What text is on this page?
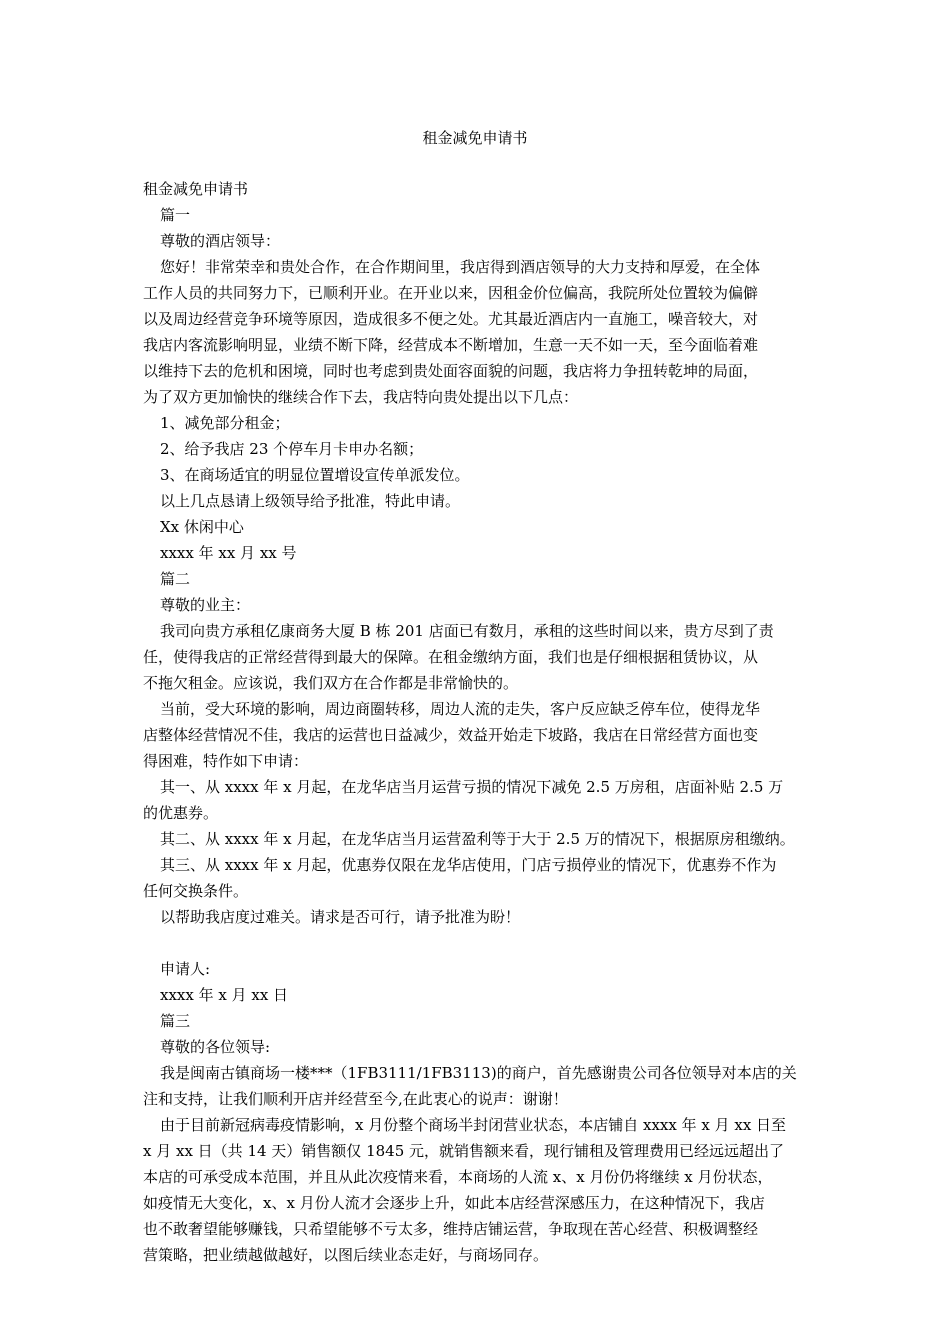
租金减免申请书
租金减免申请书
篇一
尊敬的酒店领导：
您好！非常荣幸和贵处合作，在合作期间里，我店得到酒店领导的大力支持和厚爱，在全体
工作人员的共同努力下，已顺利开业。在开业以来，因租金价位偏高，我院所处位置较为偏僻
以及周边经营竞争环境等原因，造成很多不便之处。尤其最近酒店内一直施工，噪音较大，对
我店内客流影响明显，业绩不断下降，经营成本不断增加，生意一天不如一天，至今面临着难
以维持下去的危机和困境，同时也考虑到贵处面容面貌的问题，我店将力争扭转乾坤的局面，
为了双方更加愉快的继续合作下去，我店特向贵处提出以下几点：
1、减免部分租金；
2、给予我店 23 个停车月卡申办名额；
3、在商场适宜的明显位置增设宣传单派发位。
以上几点恳请上级领导给予批准，特此申请。
Xx 休闲中心
xxxx 年 xx 月 xx 号
篇二
尊敬的业主：
我司向贵方承租亿康商务大厦 B 栋 201 店面已有数月，承租的这些时间以来，贵方尽到了责
任，使得我店的正常经营得到最大的保障。在租金缴纳方面，我们也是仔细根据租赁协议，从
不拖欠租金。应该说，我们双方在合作都是非常愉快的。
当前，受大环境的影响，周边商圈转移，周边人流的走失，客户反应缺乏停车位，使得龙华
店整体经营情况不佳，我店的运营也日益减少，效益开始走下坡路，我店在日常经营方面也变
得困难，特作如下申请：
其一、从 xxxx 年 x 月起，在龙华店当月运营亏损的情况下减免 2.5 万房租，店面补贴 2.5 万
的优惠券。
其二、从 xxxx 年 x 月起，在龙华店当月运营盈利等于大于 2.5 万的情况下，根据原房租缴纳。
其三、从 xxxx 年 x 月起，优惠券仅限在龙华店使用，门店亏损停业的情况下，优惠券不作为
任何交换条件。
以帮助我店度过难关。请求是否可行，请予批准为盼！
申请人:
xxxx 年 x 月 xx 日
篇三
尊敬的各位领导:
我是闽南古镇商场一楼***（1FB3111/1FB3113)的商户，首先感谢贵公司各位领导对本店的关
注和支持，让我们顺利开店并经营至今,在此衷心的说声：谢谢！
由于目前新冠病毒疫情影响，x 月份整个商场半封闭营业状态，本店铺自 xxxx 年 x 月 xx 日至
x 月 xx 日（共 14 天）销售额仅 1845 元，就销售额来看，现行铺租及管理费用已经远远超出了
本店的可承受成本范围，并且从此次疫情来看，本商场的人流 x、x 月份仍将继续 x 月份状态，
如疫情无大变化，x、x 月份人流才会逐步上升，如此本店经营深感压力，在这种情况下，我店
也不敢奢望能够赚钱，只希望能够不亏太多，维持店铺运营，争取现在苦心经营、积极调整经
营策略，把业绩越做越好，以图后续业态走好，与商场同存。
